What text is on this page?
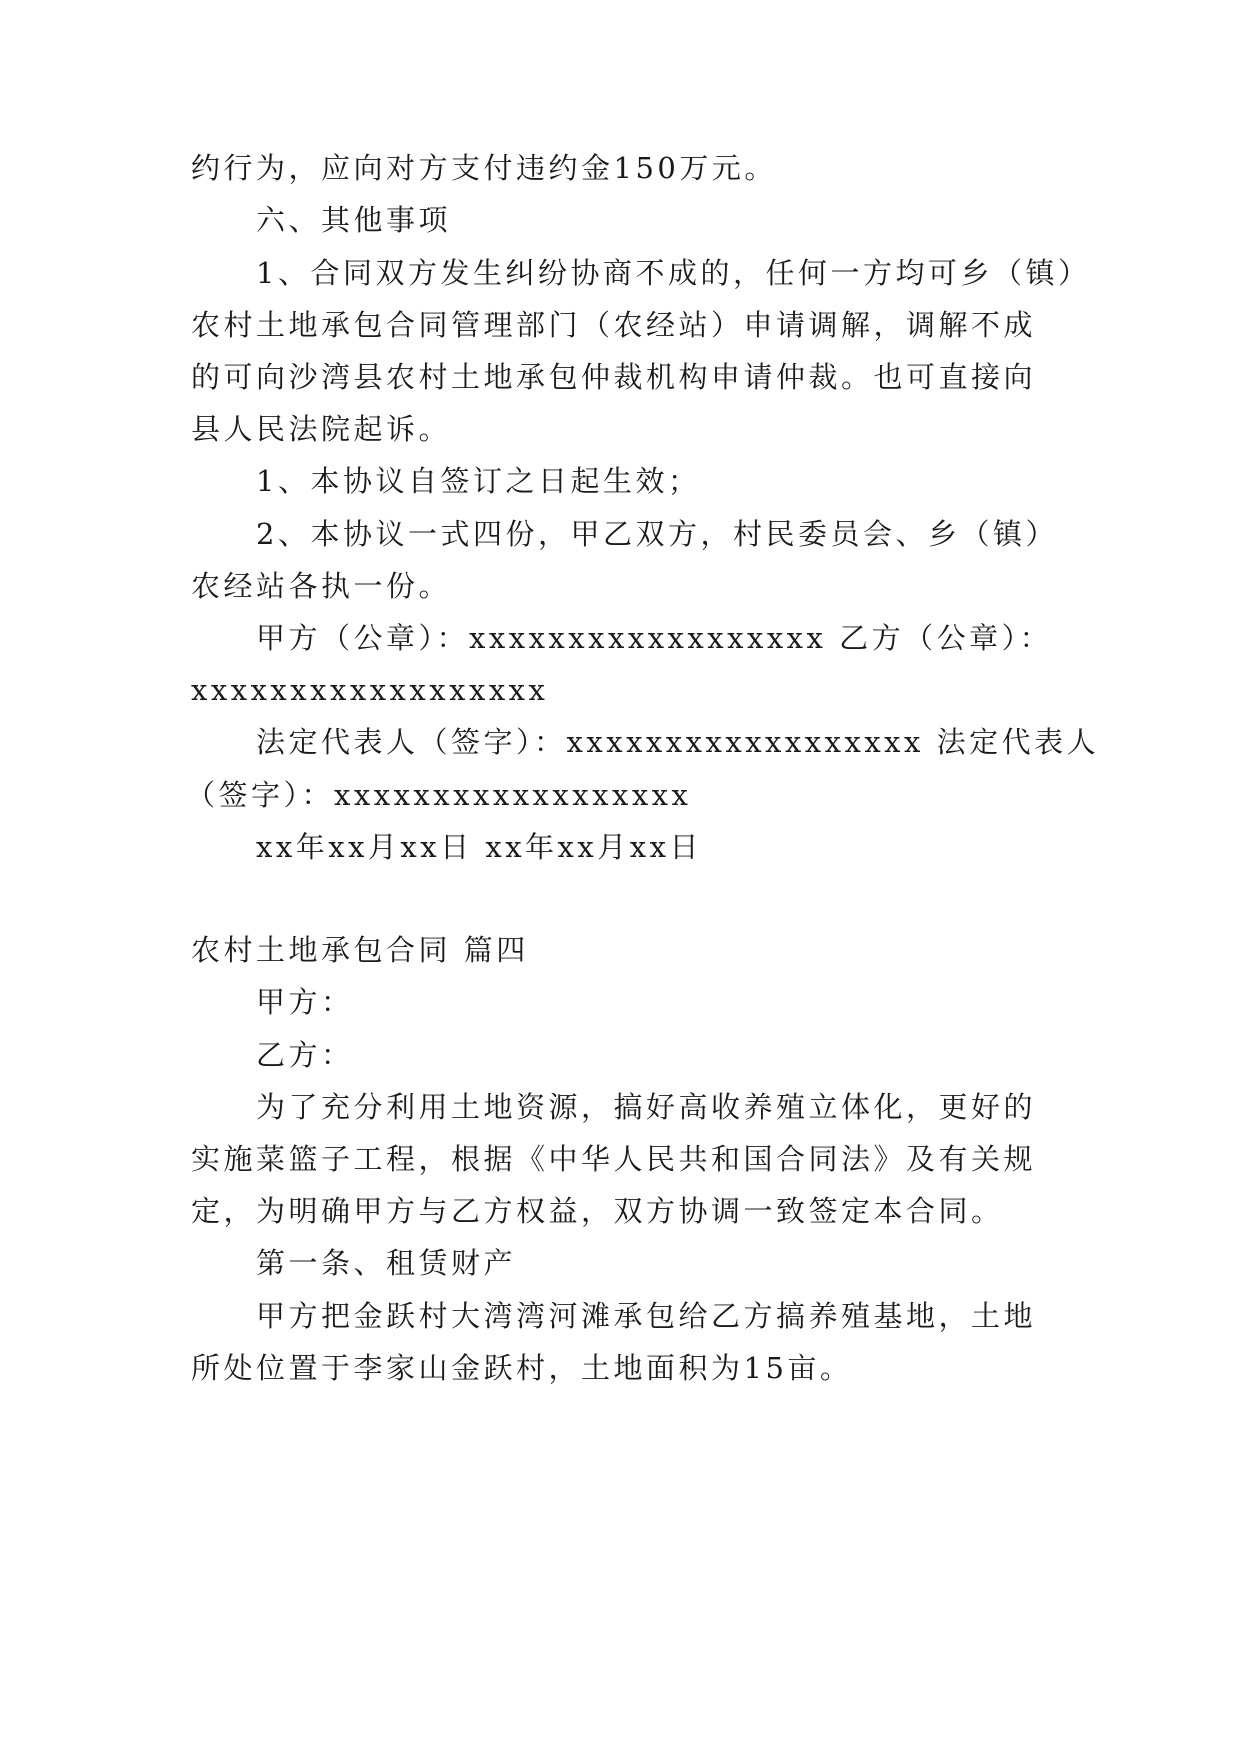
约行为，应向对方支付违约金150万元。
六、其他事项
1、合同双方发生纠纷协商不成的，任何一方均可乡（镇）
农村土地承包合同管理部门（农经站）申请调解，调解不成
的可向沙湾县农村土地承包仲裁机构申请仲裁。也可直接向
县人民法院起诉。
1、本协议自签订之日起生效；
2、本协议一式四份，甲乙双方，村民委员会、乡（镇）
农经站各执一份。
甲方（公章）：xxxxxxxxxxxxxxxxxx 乙方（公章）：
xxxxxxxxxxxxxxxxxx
法定代表人（签字）：xxxxxxxxxxxxxxxxxx 法定代表人
（签字）：xxxxxxxxxxxxxxxxxx
xx年xx月xx日 xx年xx月xx日
农村土地承包合同 篇四
甲方：
乙方：
为了充分利用土地资源，搞好高收养殖立体化，更好的
实施菜篮子工程，根据《中华人民共和国合同法》及有关规
定，为明确甲方与乙方权益，双方协调一致签定本合同。
第一条、租赁财产
甲方把金跃村大湾湾河滩承包给乙方搞养殖基地，土地
所处位置于李家山金跃村，土地面积为15亩。
